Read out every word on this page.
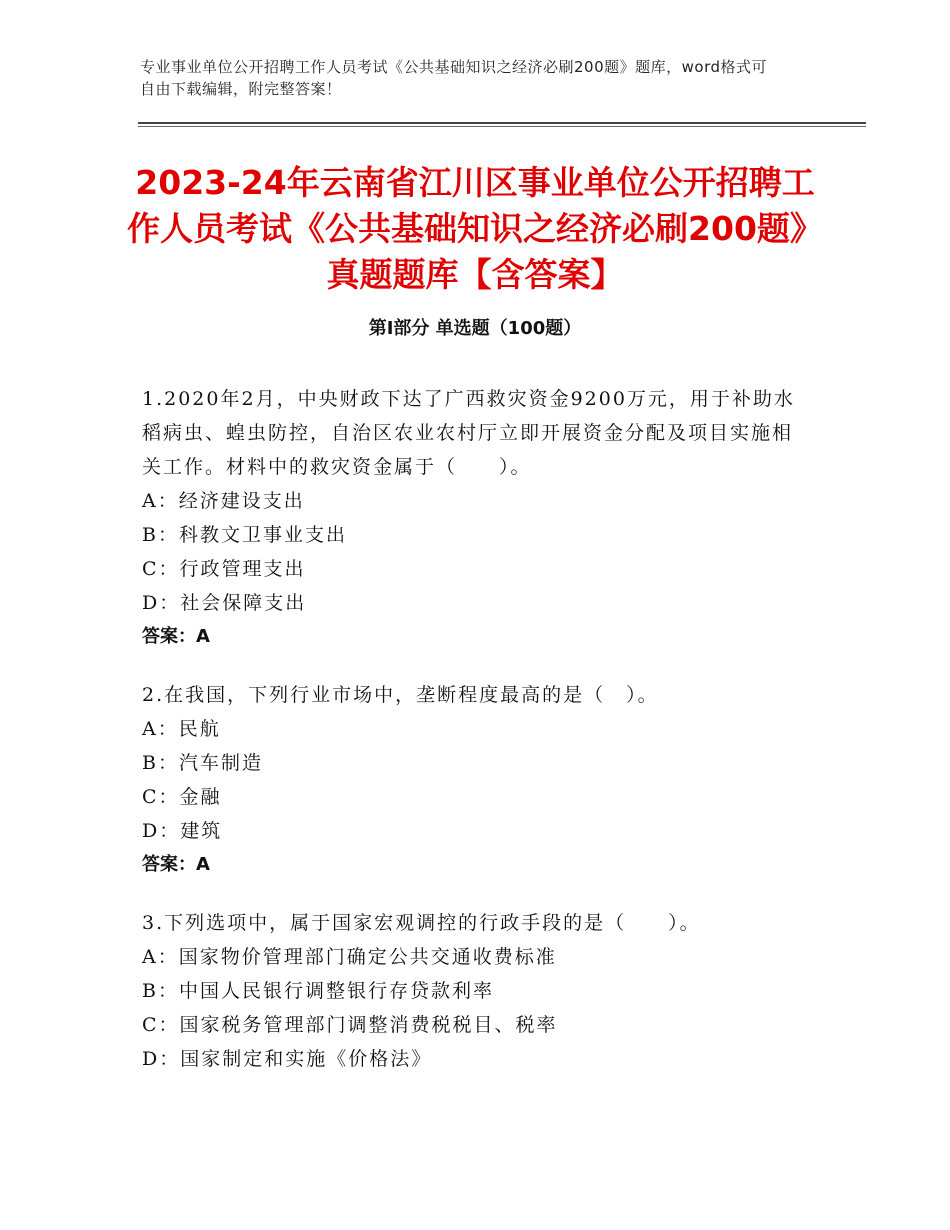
专业事业单位公开招聘工作人员考试《公共基础知识之经济必刷200题》题库，word格式可自由下载编辑，附完整答案！
2023-24年云南省江川区事业单位公开招聘工作人员考试《公共基础知识之经济必刷200题》真题题库【含答案】
第Ⅰ部分 单选题（100题）
1.2020年2月，中央财政下达了广西救灾资金9200万元，用于补助水稻病虫、蝗虫防控，自治区农业农村厅立即开展资金分配及项目实施相关工作。材料中的救灾资金属于（　　）。
A：经济建设支出
B：科教文卫事业支出
C：行政管理支出
D：社会保障支出
答案：A
2.在我国，下列行业市场中，垄断程度最高的是（　）。
A：民航
B：汽车制造
C：金融
D：建筑
答案：A
3.下列选项中，属于国家宏观调控的行政手段的是（　　）。
A：国家物价管理部门确定公共交通收费标准
B：中国人民银行调整银行存贷款利率
C：国家税务管理部门调整消费税税目、税率
D：国家制定和实施《价格法》
